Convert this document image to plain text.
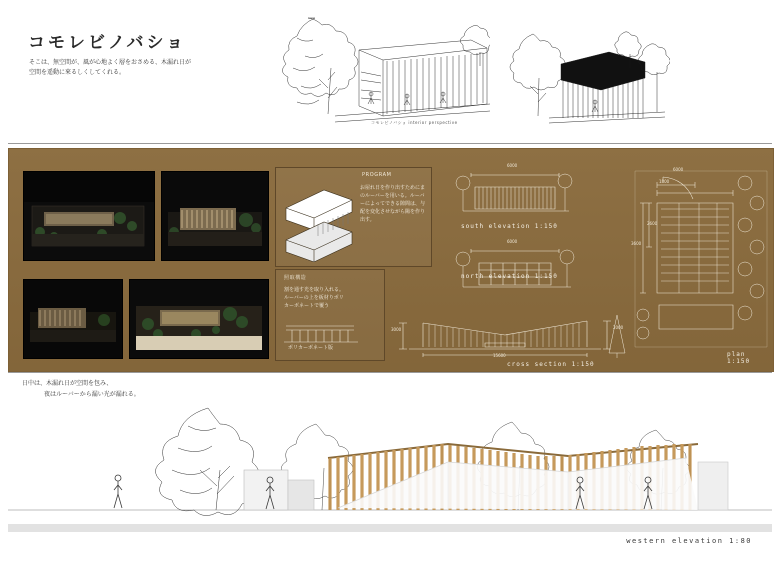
コモレビノバショ
そこは、無空間が、風が心地よく層をおさめる、木漏れ日が空間を遥動に來るしくしてくれる。
コモレビノバショ interior perspective
PROGRAM
お屋れ日を作り出すためにまのルーバーを用いる。ルーバーによってできる隙間は、与配を変化させながら陽を作り出す。
照取構造
割を通す光を取り入れる。ルーバーの上を板材りポリカーボネートで覆う
ポリカーボネート版
6000
south elevation 1:150
6000
north elevation 1:150
3000	2000
15600
cross section 1:150
6000
1800
3600
2600
plan 1:150
日中は、木漏れ日が空間を包み、
夜はルーバーから漏い光が漏れる。
western elevation 1:80
